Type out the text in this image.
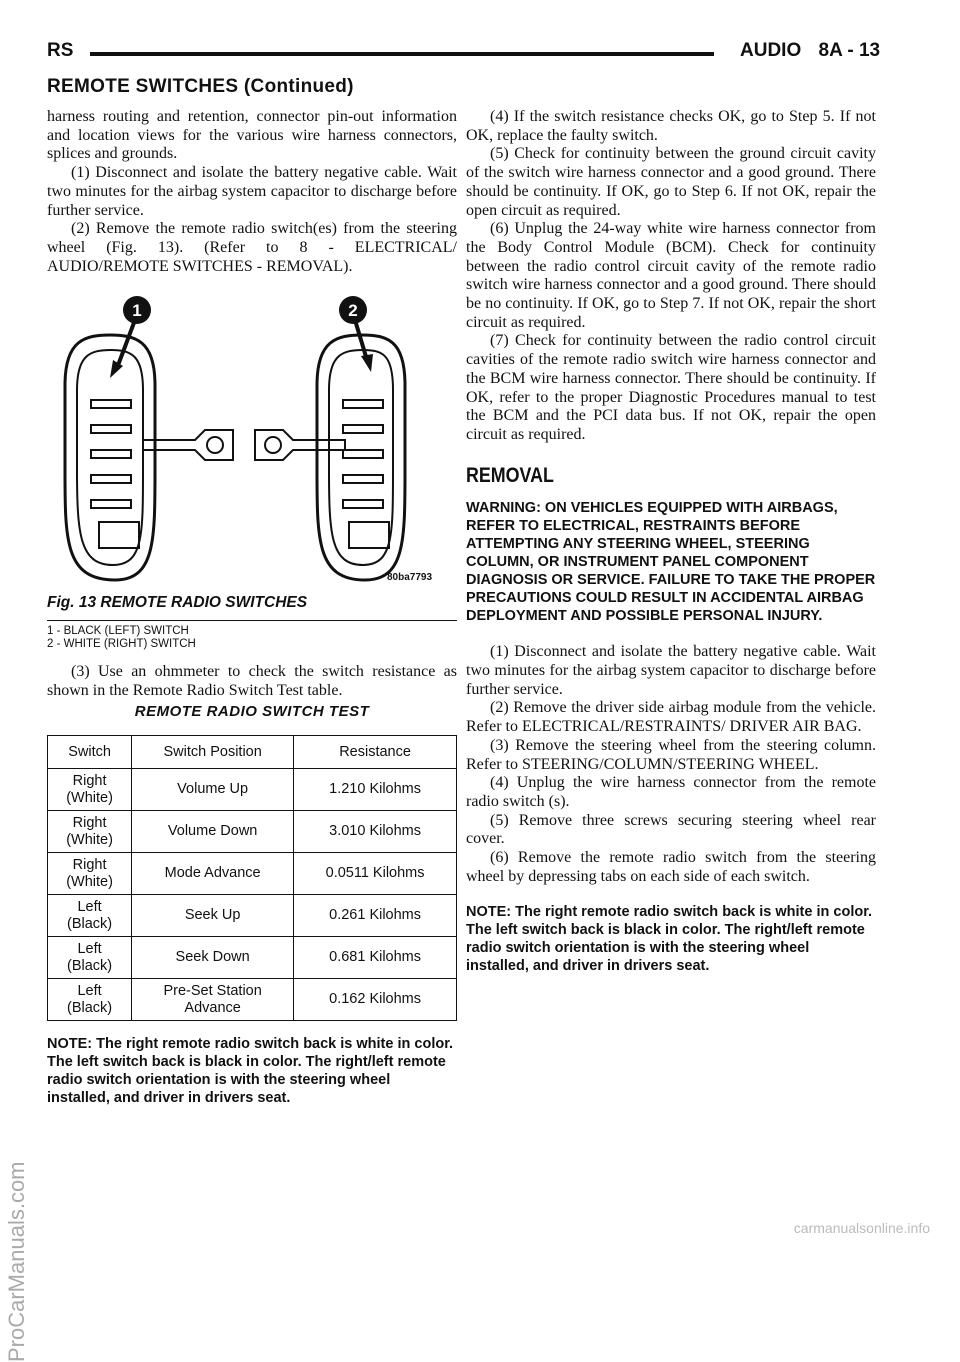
RS	AUDIO 8A - 13
REMOTE SWITCHES (Continued)

harness routing and retention, connector pin-out information and location views for the various wire harness connectors, splices and grounds.

(1) Disconnect and isolate the battery negative cable. Wait two minutes for the airbag system capacitor to discharge before further service.

(2) Remove the remote radio switch(es) from the steering wheel (Fig. 13). (Refer to 8 - ELECTRICAL/ AUDIO/REMOTE SWITCHES - REMOVAL).

1	2
80ba7793
Fig. 13 REMOTE RADIO SWITCHES
1 - BLACK (LEFT) SWITCH
2 - WHITE (RIGHT) SWITCH

(3) Use an ohmmeter to check the switch resistance as shown in the Remote Radio Switch Test table.

REMOTE RADIO SWITCH TEST
Switch	Switch Position	Resistance
Right
(White)	Volume Up	1.210 Kilohms
Right
(White)	Volume Down	3.010 Kilohms
Right
(White)	Mode Advance	0.0511 Kilohms
Left
(Black)	Seek Up	0.261 Kilohms
Left
(Black)	Seek Down	0.681 Kilohms
Left
(Black)	Pre-Set Station
Advance	0.162 Kilohms
NOTE: The right remote radio switch back is white in color. The left switch back is black in color. The right/left remote radio switch orientation is with the steering wheel installed, and driver in drivers seat.

(4) If the switch resistance checks OK, go to Step 5. If not OK, replace the faulty switch.

(5) Check for continuity between the ground circuit cavity of the switch wire harness connector and a good ground. There should be continuity. If OK, go to Step 6. If not OK, repair the open circuit as required.

(6) Unplug the 24-way white wire harness connector from the Body Control Module (BCM). Check for continuity between the radio control circuit cavity of the remote radio switch wire harness connector and a good ground. There should be no continuity. If OK, go to Step 7. If not OK, repair the short circuit as required.

(7) Check for continuity between the radio control circuit cavities of the remote radio switch wire harness connector and the BCM wire harness connector. There should be continuity. If OK, refer to the proper Diagnostic Procedures manual to test the BCM and the PCI data bus. If not OK, repair the open circuit as required.

REMOVAL
WARNING: ON VEHICLES EQUIPPED WITH AIRBAGS, REFER TO ELECTRICAL, RESTRAINTS BEFORE ATTEMPTING ANY STEERING WHEEL, STEERING COLUMN, OR INSTRUMENT PANEL COMPONENT DIAGNOSIS OR SERVICE. FAILURE TO TAKE THE PROPER PRECAUTIONS COULD RESULT IN ACCIDENTAL AIRBAG DEPLOYMENT AND POSSIBLE PERSONAL INJURY.

(1) Disconnect and isolate the battery negative cable. Wait two minutes for the airbag system capacitor to discharge before further service.

(2) Remove the driver side airbag module from the vehicle. Refer to ELECTRICAL/RESTRAINTS/ DRIVER AIR BAG.

(3) Remove the steering wheel from the steering column. Refer to STEERING/COLUMN/STEERING WHEEL.

(4) Unplug the wire harness connector from the remote radio switch (s).

(5) Remove three screws securing steering wheel rear cover.

(6) Remove the remote radio switch from the steering wheel by depressing tabs on each side of each switch.

NOTE: The right remote radio switch back is white in color. The left switch back is black in color. The right/left remote radio switch orientation is with the steering wheel installed, and driver in drivers seat.
ProCarManuals.com	carmanualsonline.info
